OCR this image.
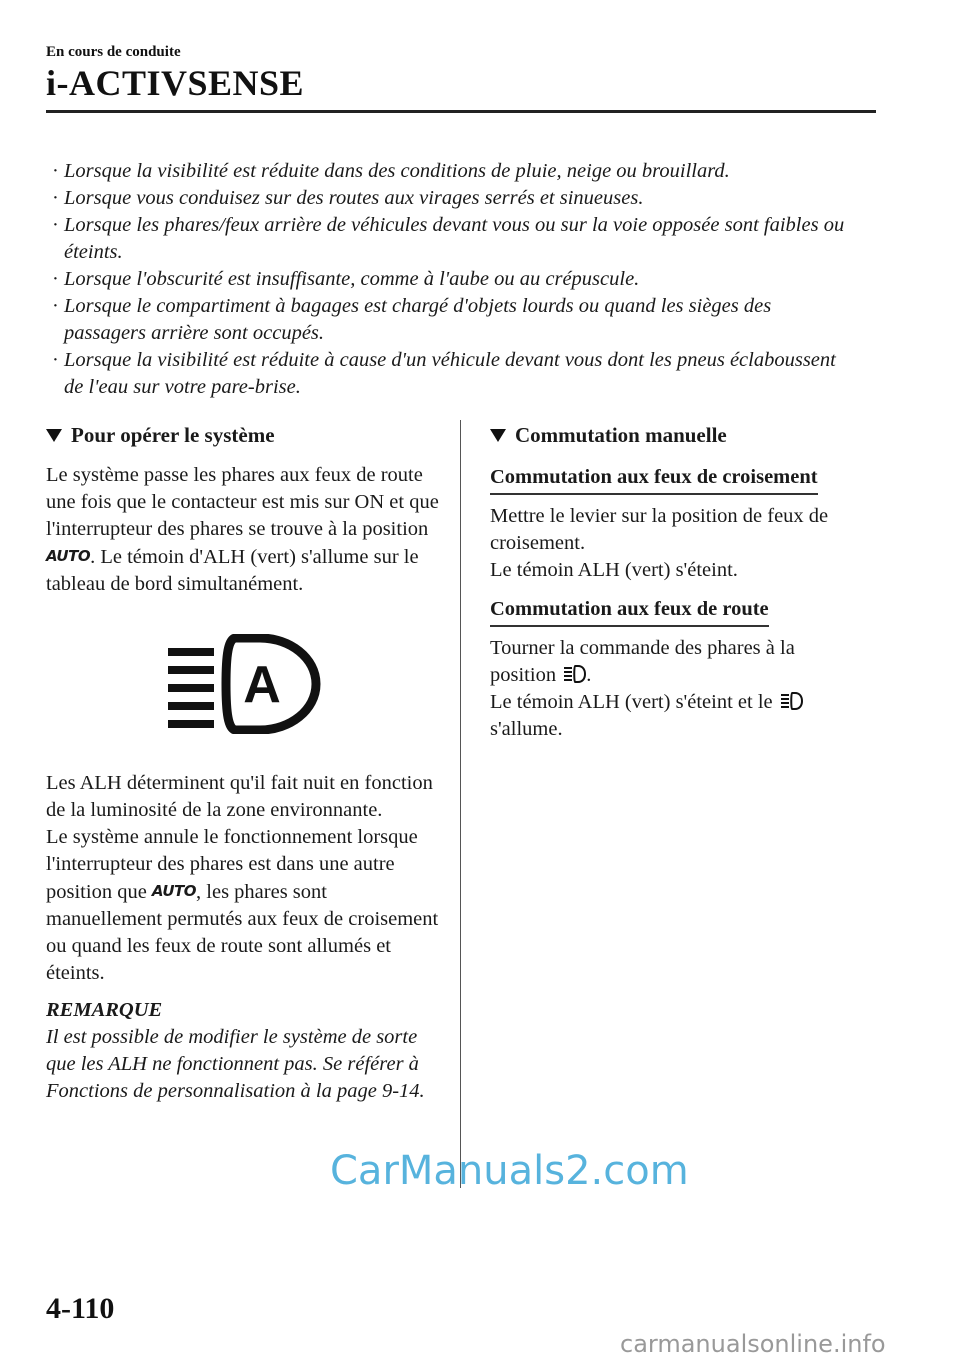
En cours de conduite
i-ACTIVSENSE
· Lorsque la visibilité est réduite dans des conditions de pluie, neige ou brouillard.
· Lorsque vous conduisez sur des routes aux virages serrés et sinueuses.
· Lorsque les phares/feux arrière de véhicules devant vous ou sur la voie opposée sont faibles ou éteints.
· Lorsque l'obscurité est insuffisante, comme à l'aube ou au crépuscule.
· Lorsque le compartiment à bagages est chargé d'objets lourds ou quand les sièges des passagers arrière sont occupés.
· Lorsque la visibilité est réduite à cause d'un véhicule devant vous dont les pneus éclaboussent de l'eau sur votre pare-brise.
Pour opérer le système

Le système passe les phares aux feux de route une fois que le contacteur est mis sur ON et que l'interrupteur des phares se trouve à la position AUTO. Le témoin d'ALH (vert) s'allume sur le tableau de bord simultanément.

A

Les ALH déterminent qu'il fait nuit en fonction de la luminosité de la zone environnante.

Le système annule le fonctionnement lorsque l'interrupteur des phares est dans une autre position que AUTO, les phares sont manuellement permutés aux feux de croisement ou quand les feux de route sont allumés et éteints.

REMARQUE

Il est possible de modifier le système de sorte que les ALH ne fonctionnent pas. Se référer à Fonctions de personnalisation à la page 9-14.

Commutation manuelle
Commutation aux feux de croisement

Mettre le levier sur la position de feux de croisement.

Le témoin ALH (vert) s'éteint.

Commutation aux feux de route

Tourner la commande des phares à la position .

Le témoin ALH (vert) s'éteint et le
s'allume.

CarManuals2.com
4-110
carmanualsonline.info
